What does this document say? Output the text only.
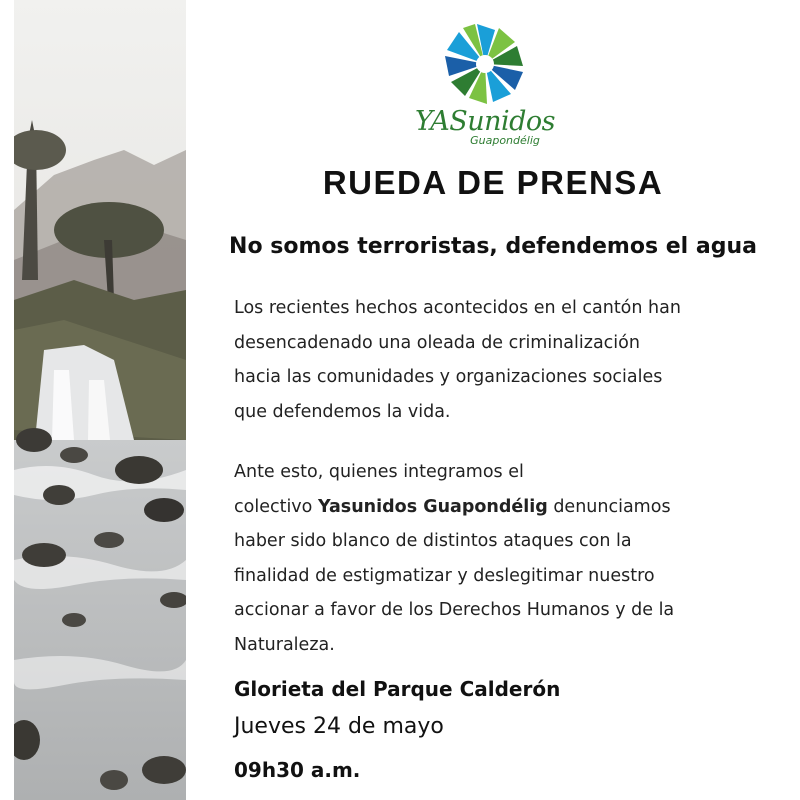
YASunidos
Guapondélig
RUEDA DE PRENSA
No somos terroristas, defendemos el agua
Los recientes hechos acontecidos en el cantón han
desencadenado una oleada de criminalización
hacia las comunidades y organizaciones sociales
que defendemos la vida.
Ante esto, quienes integramos el
colectivo Yasunidos Guapondélig denunciamos
haber sido blanco de distintos ataques con la
finalidad de estigmatizar y deslegitimar nuestro
accionar a favor de los Derechos Humanos y de la
Naturaleza.
Glorieta del Parque Calderón
Jueves 24 de mayo
09h30 a.m.
